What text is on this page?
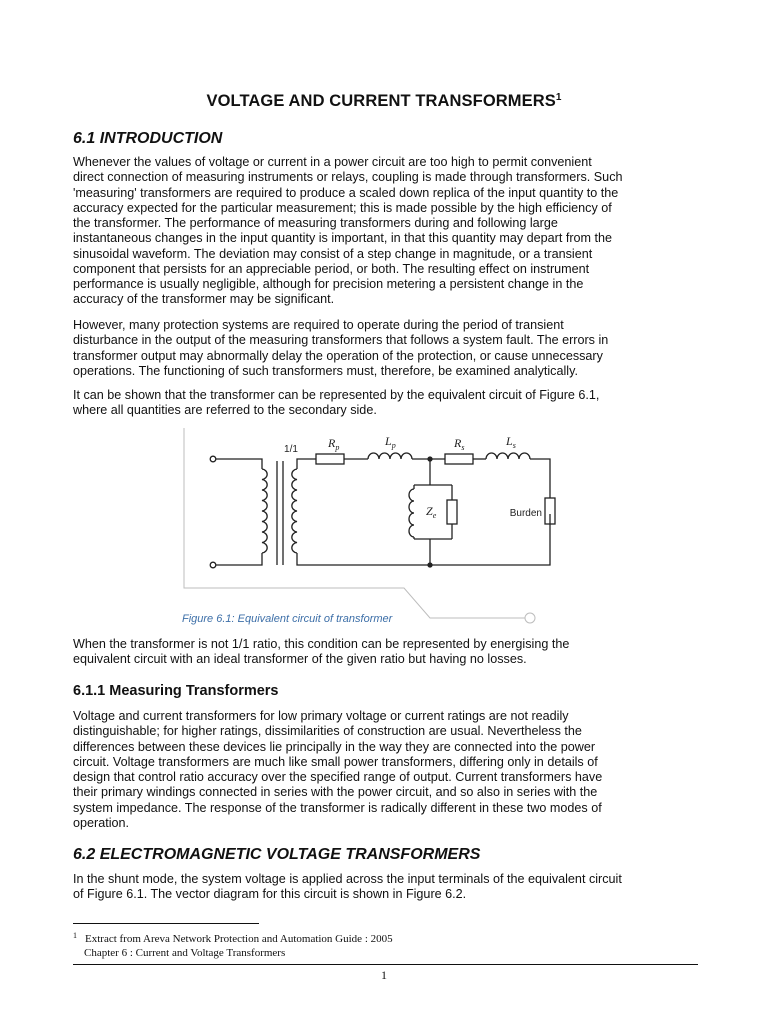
VOLTAGE AND CURRENT TRANSFORMERS$^1$
6.1 INTRODUCTION

Whenever the values of voltage or current in a power circuit are too high to permit convenient
direct connection of measuring instruments or relays, coupling is made through transformers. Such
'measuring' transformers are required to produce a scaled down replica of the input quantity to the
accuracy expected for the particular measurement; this is made possible by the high efficiency of
the transformer. The performance of measuring transformers during and following large
instantaneous changes in the input quantity is important, in that this quantity may depart from the
sinusoidal waveform. The deviation may consist of a step change in magnitude, or a transient
component that persists for an appreciable period, or both. The resulting effect on instrument
performance is usually negligible, although for precision metering a persistent change in the
accuracy of the transformer may be significant.

However, many protection systems are required to operate during the period of transient
disturbance in the output of the measuring transformers that follows a system fault. The errors in
transformer output may abnormally delay the operation of the protection, or cause unnecessary
operations. The functioning of such transformers must, therefore, be examined analytically.

It can be shown that the transformer can be represented by the equivalent circuit of Figure 6.1,
where all quantities are referred to the secondary side.

1/1	$R_p$	$L_p$	$R_s$	$L_s$
$Z_e$	Burden
Figure 6.1: Equivalent circuit of transformer

When the transformer is not 1/1 ratio, this condition can be represented by energising the
equivalent circuit with an ideal transformer of the given ratio but having no losses.

6.1.1 Measuring Transformers

Voltage and current transformers for low primary voltage or current ratings are not readily
distinguishable; for higher ratings, dissimilarities of construction are usual. Nevertheless the
differences between these devices lie principally in the way they are connected into the power
circuit. Voltage transformers are much like small power transformers, differing only in details of
design that control ratio accuracy over the specified range of output. Current transformers have
their primary windings connected in series with the power circuit, and so also in series with the
system impedance. The response of the transformer is radically different in these two modes of
operation.

6.2 ELECTROMAGNETIC VOLTAGE TRANSFORMERS

In the shunt mode, the system voltage is applied across the input terminals of the equivalent circuit
of Figure 6.1. The vector diagram for this circuit is shown in Figure 6.2.

$^1$ Extract from Areva Network Protection and Automation Guide : 2005
Chapter 6 : Current and Voltage Transformers
1
